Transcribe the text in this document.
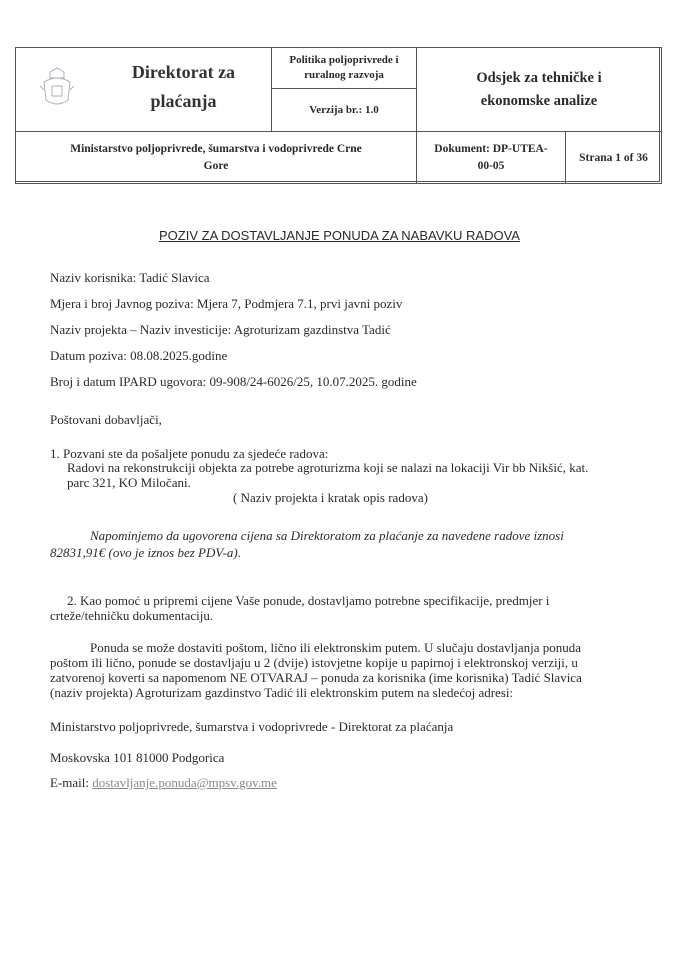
Direktorat za
plaćanja
Politika poljoprivrede i
ruralnog razvoja
Verzija br.: 1.0
Odsjek za tehničke i
ekonomske analize
Ministarstvo poljoprivrede, šumarstva i vodoprivrede Crne
Gore
Dokument: DP-UTEA-
00-05
Strana 1 of 36
POZIV ZA DOSTAVLJANJE PONUDA ZA NABAVKU RADOVA
Naziv korisnika: Tadić Slavica
Mjera i broj Javnog poziva: Mjera 7, Podmjera 7.1, prvi javni poziv
Naziv projekta – Naziv investicije: Agroturizam gazdinstva Tadić
Datum poziva: 08.08.2025.godine
Broj i datum IPARD ugovora: 09-908/24-6026/25, 10.07.2025. godine
Poštovani dobavljači,
1. Pozvani ste da pošaljete ponudu za sjedeće radova:
Radovi na rekonstrukciji objekta za potrebe agroturizma koji se nalazi na lokaciji Vir bb Nikšić, kat.
parc 321, KO Miločani.
( Naziv projekta i kratak opis radova)
Napominjemo da ugovorena cijena sa Direktoratom za plaćanje za navedene radove iznosi
82831,91€ (ovo je iznos bez PDV-a).
2. Kao pomoć u pripremi cijene Vaše ponude, dostavljamo potrebne specifikacije, predmjer i
crteže/tehničku dokumentaciju.
Ponuda se može dostaviti poštom, lično ili elektronskim putem. U slučaju dostavljanja ponuda
poštom ili lično, ponude se dostavljaju u 2 (dvije) istovjetne kopije u papirnoj i elektronskoj verziji, u
zatvorenoj koverti sa napomenom NE OTVARAJ – ponuda za korisnika (ime korisnika) Tadić Slavica
(naziv projekta) Agroturizam gazdinstvo Tadić ili elektronskim putem na sledećoj adresi:
Ministarstvo poljoprivrede, šumarstva i vodoprivrede - Direktorat za plaćanja
Moskovska 101 81000 Podgorica
E-mail: dostavljanje.ponuda@mpsv.gov.me
